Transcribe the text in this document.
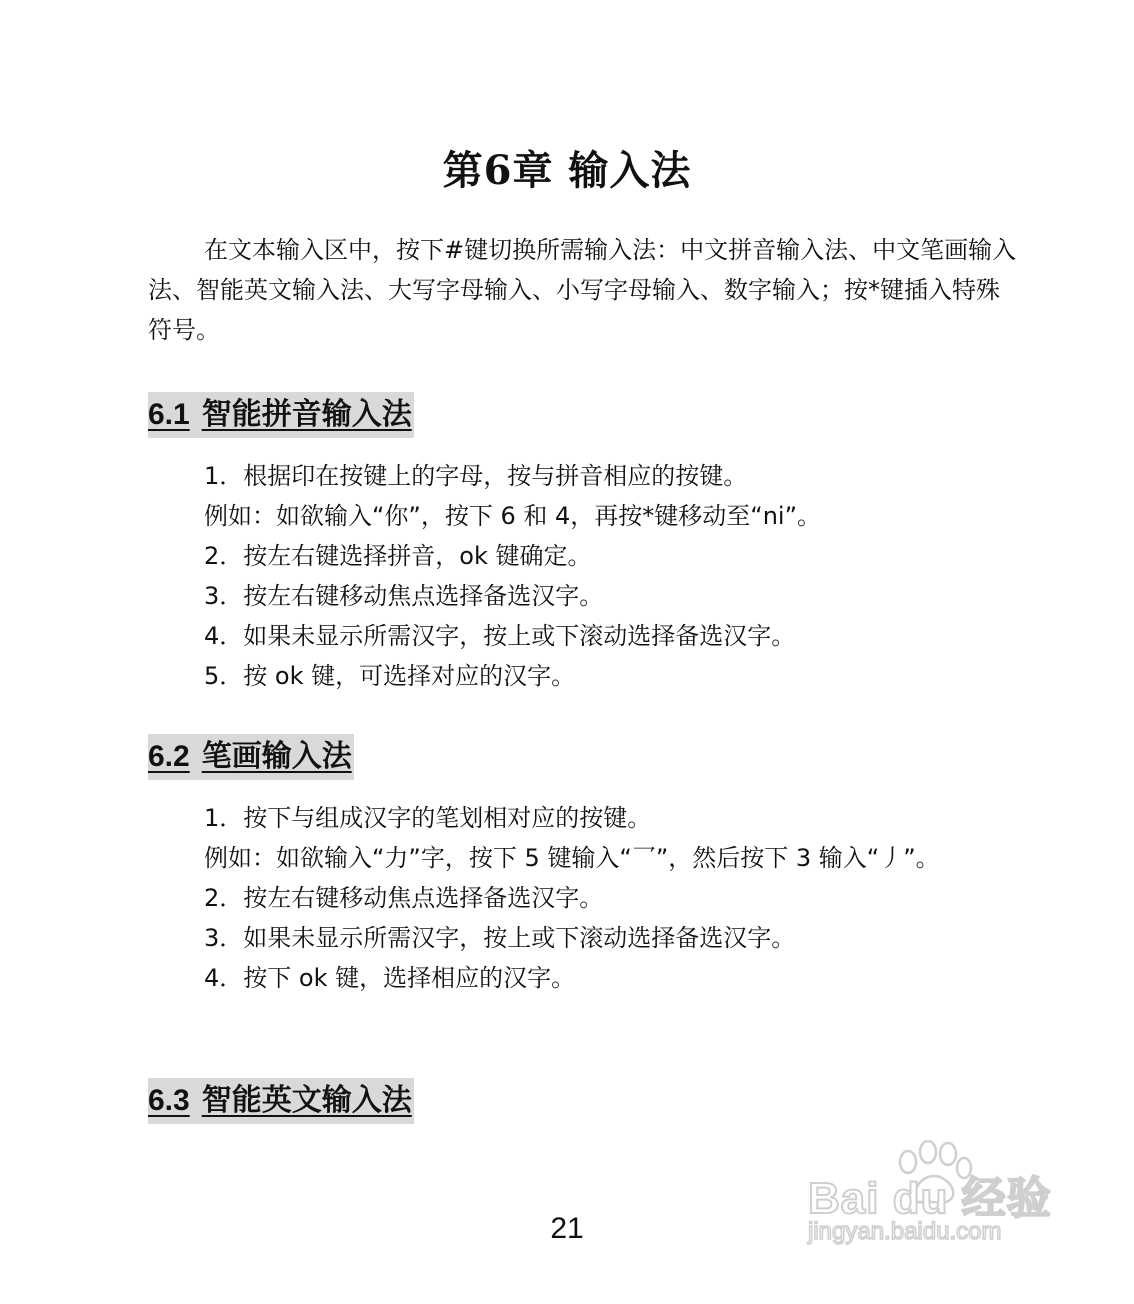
第6章 输入法

在文本输入区中，按下#键切换所需输入法：中文拼音输入法、中文笔画输入法、智能英文输入法、大写字母输入、小写字母输入、数字输入；按*键插入特殊符号。

6.1 智能拼音输入法
1．根据印在按键上的字母，按与拼音相应的按键。
例如：如欲输入“你”，按下 6 和 4，再按*键移动至“ni”。
2．按左右键选择拼音，ok 键确定。
3．按左右键移动焦点选择备选汉字。
4．如果未显示所需汉字，按上或下滚动选择备选汉字。
5．按 ok 键，可选择对应的汉字。
6.2 笔画输入法
1．按下与组成汉字的笔划相对应的按键。
例如：如欲输入“力”字，按下 5 键输入“乛”，然后按下 3 输入“丿”。
2．按左右键移动焦点选择备选汉字。
3．如果未显示所需汉字，按上或下滚动选择备选汉字。
4．按下 ok 键，选择相应的汉字。
6.3 智能英文输入法
Bai du 经验
jingyan.baidu.com
21
